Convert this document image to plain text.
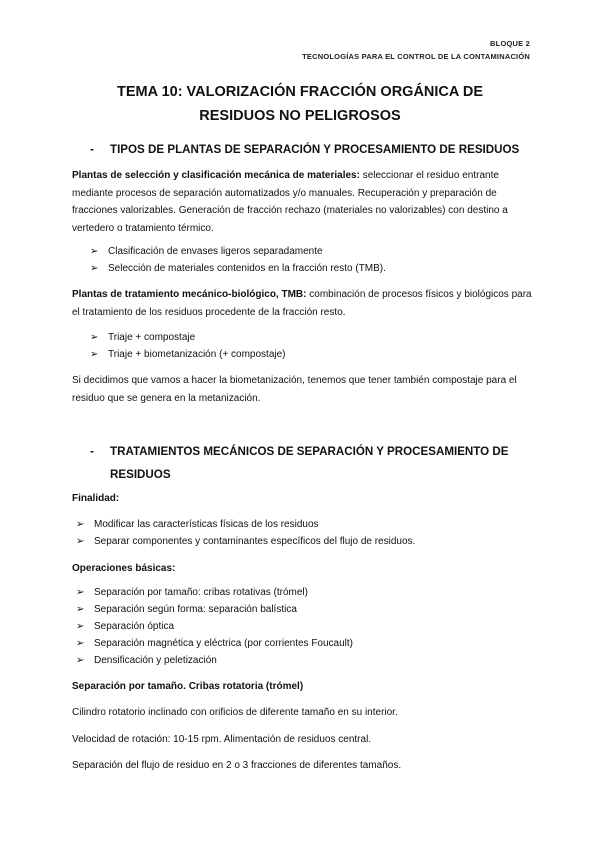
BLOQUE 2
TECNOLOGÍAS PARA EL CONTROL DE LA CONTAMINACIÓN
TEMA 10: VALORIZACIÓN FRACCIÓN ORGÁNICA DE
RESIDUOS NO PELIGROSOS
- TIPOS DE PLANTAS DE SEPARACIÓN Y PROCESAMIENTO DE RESIDUOS
Plantas de selección y clasificación mecánica de materiales: seleccionar el residuo entrante mediante procesos de separación automatizados y/o manuales. Recuperación y preparación de fracciones valorizables. Generación de fracción rechazo (materiales no valorizables) con destino a vertedero o tratamiento térmico.
➢ Clasificación de envases ligeros separadamente
➢ Selección de materiales contenidos en la fracción resto (TMB).
Plantas de tratamiento mecánico-biológico, TMB: combinación de procesos físicos y biológicos para el tratamiento de los residuos procedente de la fracción resto.
➢ Triaje + compostaje
➢ Triaje + biometanización (+ compostaje)
Si decidimos que vamos a hacer la biometanización, tenemos que tener también compostaje para el residuo que se genera en la metanización.
- TRATAMIENTOS MECÁNICOS DE SEPARACIÓN Y PROCESAMIENTO DE
RESIDUOS
Finalidad:
➢ Modificar las características físicas de los residuos
➢ Separar componentes y contaminantes específicos del flujo de residuos.
Operaciones básicas:
➢ Separación por tamaño: cribas rotativas (trómel)
➢ Separación según forma: separación balística
➢ Separación óptica
➢ Separación magnética y eléctrica (por corrientes Foucault)
➢ Densificación y peletización
Separación por tamaño. Cribas rotatoria (trómel)
Cilindro rotatorio inclinado con orificios de diferente tamaño en su interior.
Velocidad de rotación: 10-15 rpm. Alimentación de residuos central.
Separación del flujo de residuo en 2 o 3 fracciones de diferentes tamaños.
